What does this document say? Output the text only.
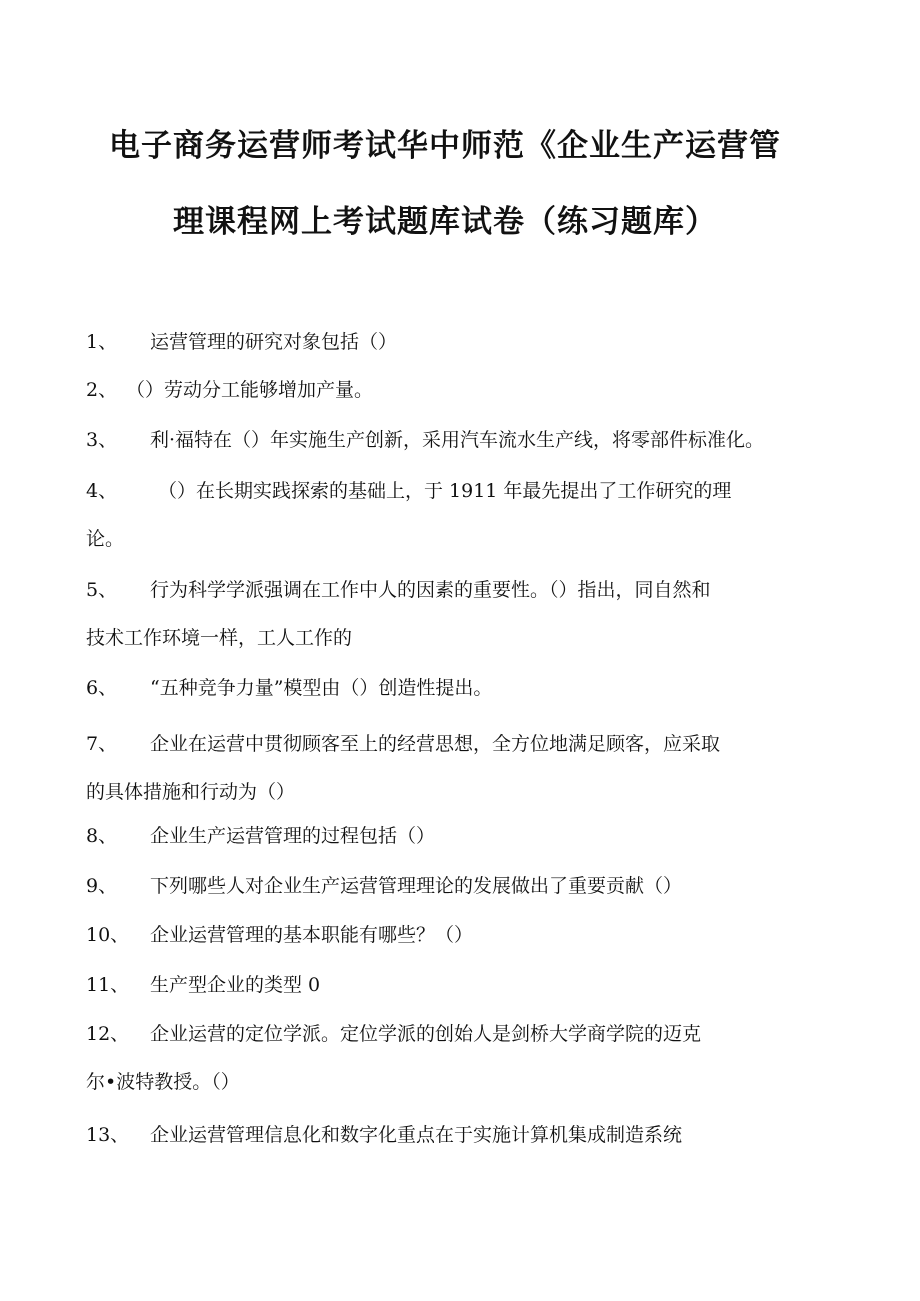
电子商务运营师考试华中师范《企业生产运营管
理课程网上考试题库试卷（练习题库）
1、 运营管理的研究对象包括（）
2、 （）劳动分工能够增加产量。
3、 利·福特在（）年实施生产创新，采用汽车流水生产线，将零部件标准化。
4、 （）在长期实践探索的基础上，于 1911 年最先提出了工作研究的理
论。
5、 行为科学学派强调在工作中人的因素的重要性。（）指出，同自然和
技术工作环境一样，工人工作的
6、 “五种竞争力量”模型由（）创造性提出。
7、 企业在运营中贯彻顾客至上的经营思想，全方位地满足顾客，应采取
的具体措施和行动为（）
8、 企业生产运营管理的过程包括（）
9、 下列哪些人对企业生产运营管理理论的发展做出了重要贡献（）
10、 企业运营管理的基本职能有哪些？（）
11、 生产型企业的类型 0
12、 企业运营的定位学派。定位学派的创始人是剑桥大学商学院的迈克
尔•波特教授。（）
13、 企业运营管理信息化和数字化重点在于实施计算机集成制造系统
